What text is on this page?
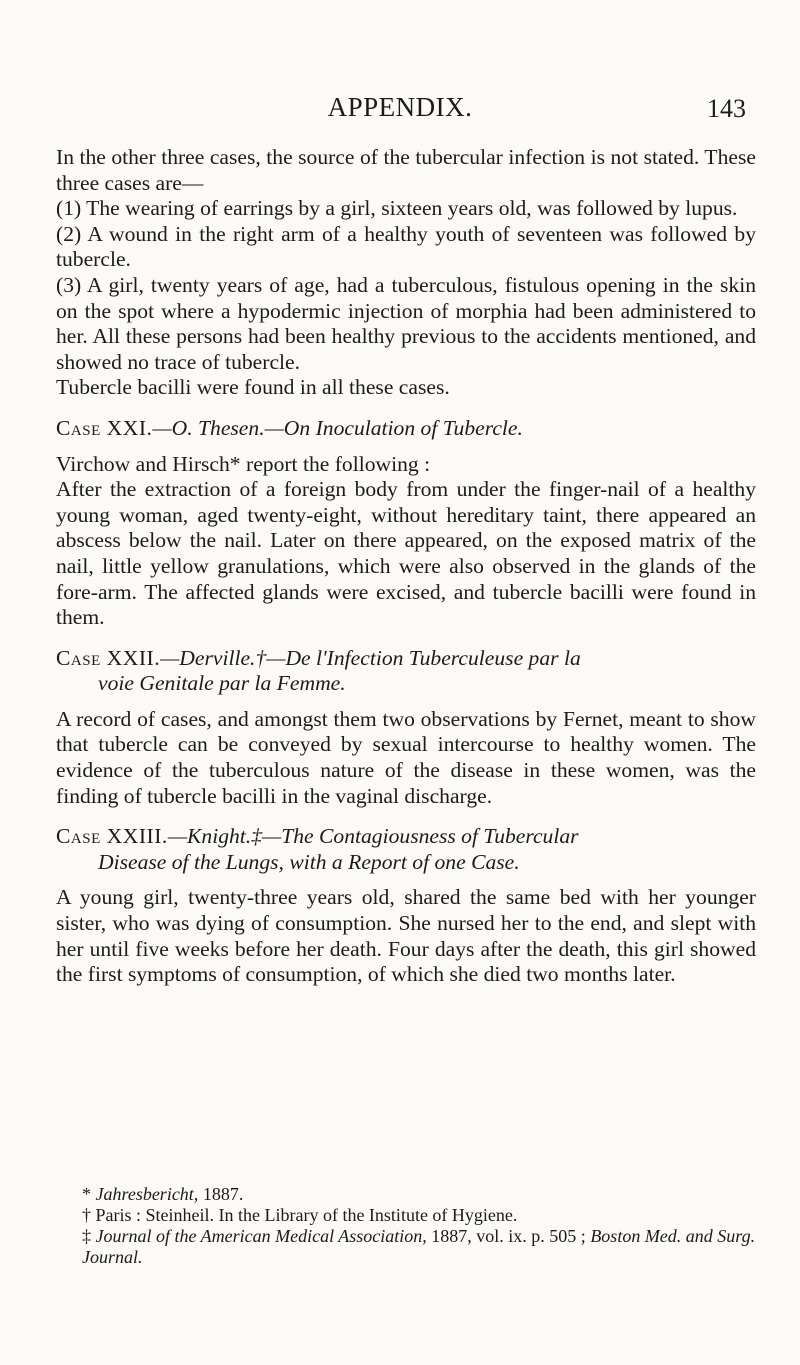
APPENDIX.	143

In the other three cases, the source of the tubercular infection is not stated. These three cases are—

(1) The wearing of earrings by a girl, sixteen years old, was followed by lupus.

(2) A wound in the right arm of a healthy youth of seventeen was followed by tubercle.

(3) A girl, twenty years of age, had a tuberculous, fistulous opening in the skin on the spot where a hypodermic injection of morphia had been administered to her. All these persons had been healthy previous to the accidents mentioned, and showed no trace of tubercle.

Tubercle bacilli were found in all these cases.

Case XXI.—O. Thesen.—On Inoculation of Tubercle.

Virchow and Hirsch* report the following :

After the extraction of a foreign body from under the finger-nail of a healthy young woman, aged twenty-eight, without hereditary taint, there appeared an abscess below the nail. Later on there appeared, on the exposed matrix of the nail, little yellow granulations, which were also observed in the glands of the fore-arm. The affected glands were excised, and tubercle bacilli were found in them.

Case XXII.—Derville.†—De l'Infection Tuberculeuse par la
voie Genitale par la Femme.

A record of cases, and amongst them two observations by Fernet, meant to show that tubercle can be conveyed by sexual intercourse to healthy women. The evidence of the tuberculous nature of the disease in these women, was the finding of tubercle bacilli in the vaginal discharge.

Case XXIII.—Knight.‡—The Contagiousness of Tubercular
Disease of the Lungs, with a Report of one Case.

A young girl, twenty-three years old, shared the same bed with her younger sister, who was dying of consumption. She nursed her to the end, and slept with her until five weeks before her death. Four days after the death, this girl showed the first symptoms of consumption, of which she died two months later.

* Jahresbericht, 1887.

† Paris : Steinheil. In the Library of the Institute of Hygiene.

‡ Journal of the American Medical Association, 1887, vol. ix. p. 505 ; Boston Med. and Surg. Journal.
